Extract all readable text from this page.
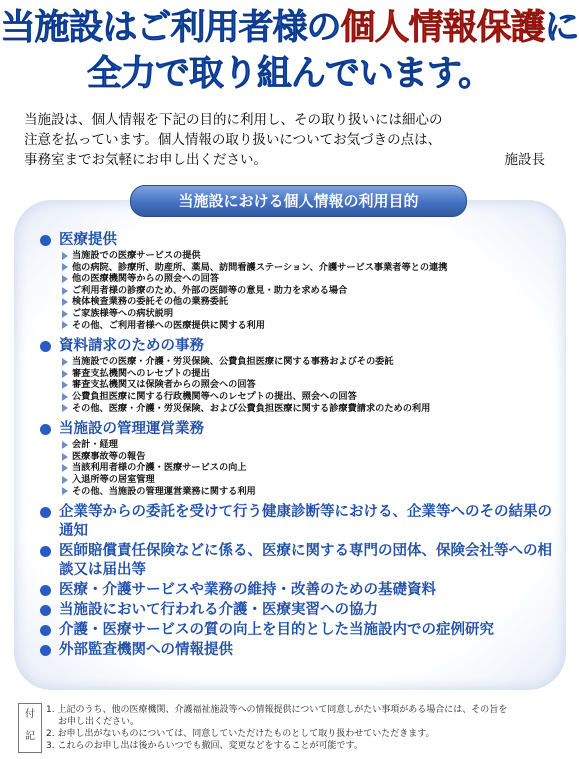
当施設はご利用者様の個人情報保護に
全力で取り組んでいます。

当施設は、個人情報を下記の目的に利用し、その取り扱いには細心の

注意を払っています。個人情報の取り扱いについてお気づきの点は、

事務室までお気軽にお申し出ください。	施設長
当施設における個人情報の利用目的
医療提供
当施設での医療サービスの提供
他の病院、診療所、助産所、薬局、訪問看護ステーション、介護サービス事業者等との連携
他の医療機関等からの照会への回答
ご利用者様の診療のため、外部の医師等の意見・助力を求める場合
検体検査業務の委託その他の業務委託
ご家族様等への病状説明
その他、ご利用者様への医療提供に関する利用
資料請求のための事務
当施設での医療・介護・労災保険、公費負担医療に関する事務およびその委託
審査支払機関へのレセプトの提出
審査支払機関又は保険者からの照会への回答
公費負担医療に関する行政機関等へのレセプトの提出、照会への回答
その他、医療・介護・労災保険、および公費負担医療に関する診療費請求のための利用
当施設の管理運営業務
会計・経理
医療事故等の報告
当該利用者様の介護・医療サービスの向上
入退所等の居室管理
その他、当施設の管理運営業務に関する利用
企業等からの委託を受けて行う健康診断等における、企業等へのその結果の通知
医師賠償責任保険などに係る、医療に関する専門の団体、保険会社等への相談又は届出等
医療・介護サービスや業務の維持・改善のための基礎資料
当施設において行われる介護・医療実習への協力
介護・医療サービスの質の向上を目的とした当施設内での症例研究
外部監査機関への情報提供
付
記

1. 上記のうち、他の医療機関、介護福祉施設等への情報提供について同意しがたい事項がある場合には、その旨を

お申し出ください。

2. お申し出がないものについては、同意していただけたものとして取り扱わせていただきます。

3. これらのお申し出は後からいつでも撤回、変更などをすることが可能です。
